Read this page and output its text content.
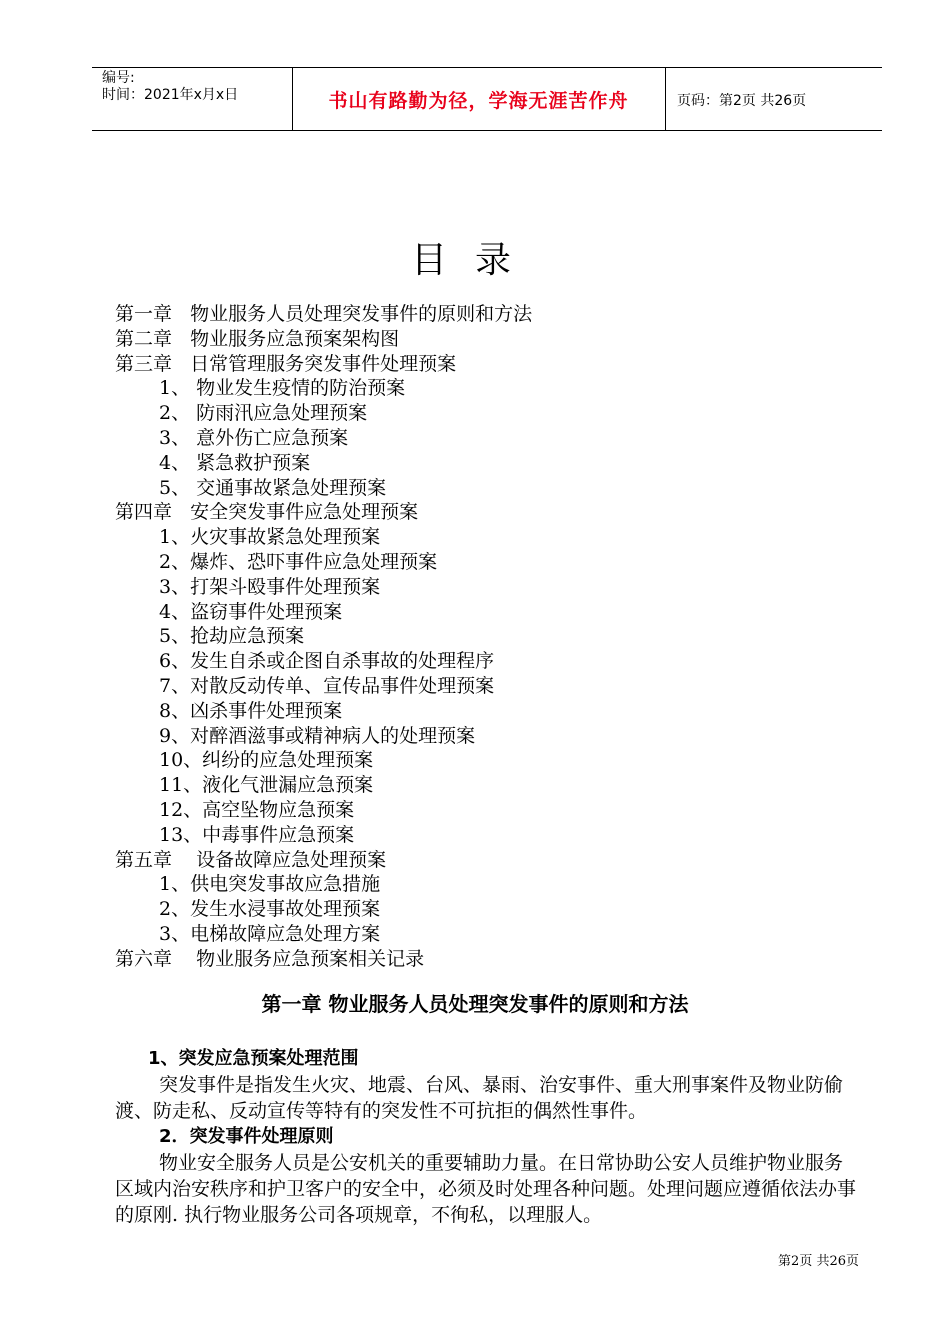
编号:
时间：2021年x月x日	书山有路勤为径，学海无涯苦作舟	页码：第2页 共26页
目录
第一章   物业服务人员处理突发事件的原则和方法
第二章   物业服务应急预案架构图
第三章   日常管理服务突发事件处理预案
1、 物业发生疫情的防治预案
2、 防雨汛应急处理预案
3、 意外伤亡应急预案
4、 紧急救护预案
5、 交通事故紧急处理预案
第四章   安全突发事件应急处理预案
1、火灾事故紧急处理预案
2、爆炸、恐吓事件应急处理预案
3、打架斗殴事件处理预案
4、盗窃事件处理预案
5、抢劫应急预案
6、发生自杀或企图自杀事故的处理程序
7、对散反动传单、宣传品事件处理预案
8、凶杀事件处理预案
9、对醉酒滋事或精神病人的处理预案
10、纠纷的应急处理预案
11、液化气泄漏应急预案
12、高空坠物应急预案
13、中毒事件应急预案
第五章    设备故障应急处理预案
1、供电突发事故应急措施
2、发生水浸事故处理预案
3、电梯故障应急处理方案
第六章    物业服务应急预案相关记录
第一章 物业服务人员处理突发事件的原则和方法
1、突发应急预案处理范围
突发事件是指发生火灾、地震、台风、暴雨、治安事件、重大刑事案件及物业防偷渡、防走私、反动宣传等特有的突发性不可抗拒的偶然性事件。
2．突发事件处理原则
物业安全服务人员是公安机关的重要辅助力量。在日常协助公安人员维护物业服务区域内治安秩序和护卫客户的安全中，必须及时处理各种问题。处理问题应遵循依法办事的原刚. 执行物业服务公司各项规章，不徇私，以理服人。
第2页 共26页
